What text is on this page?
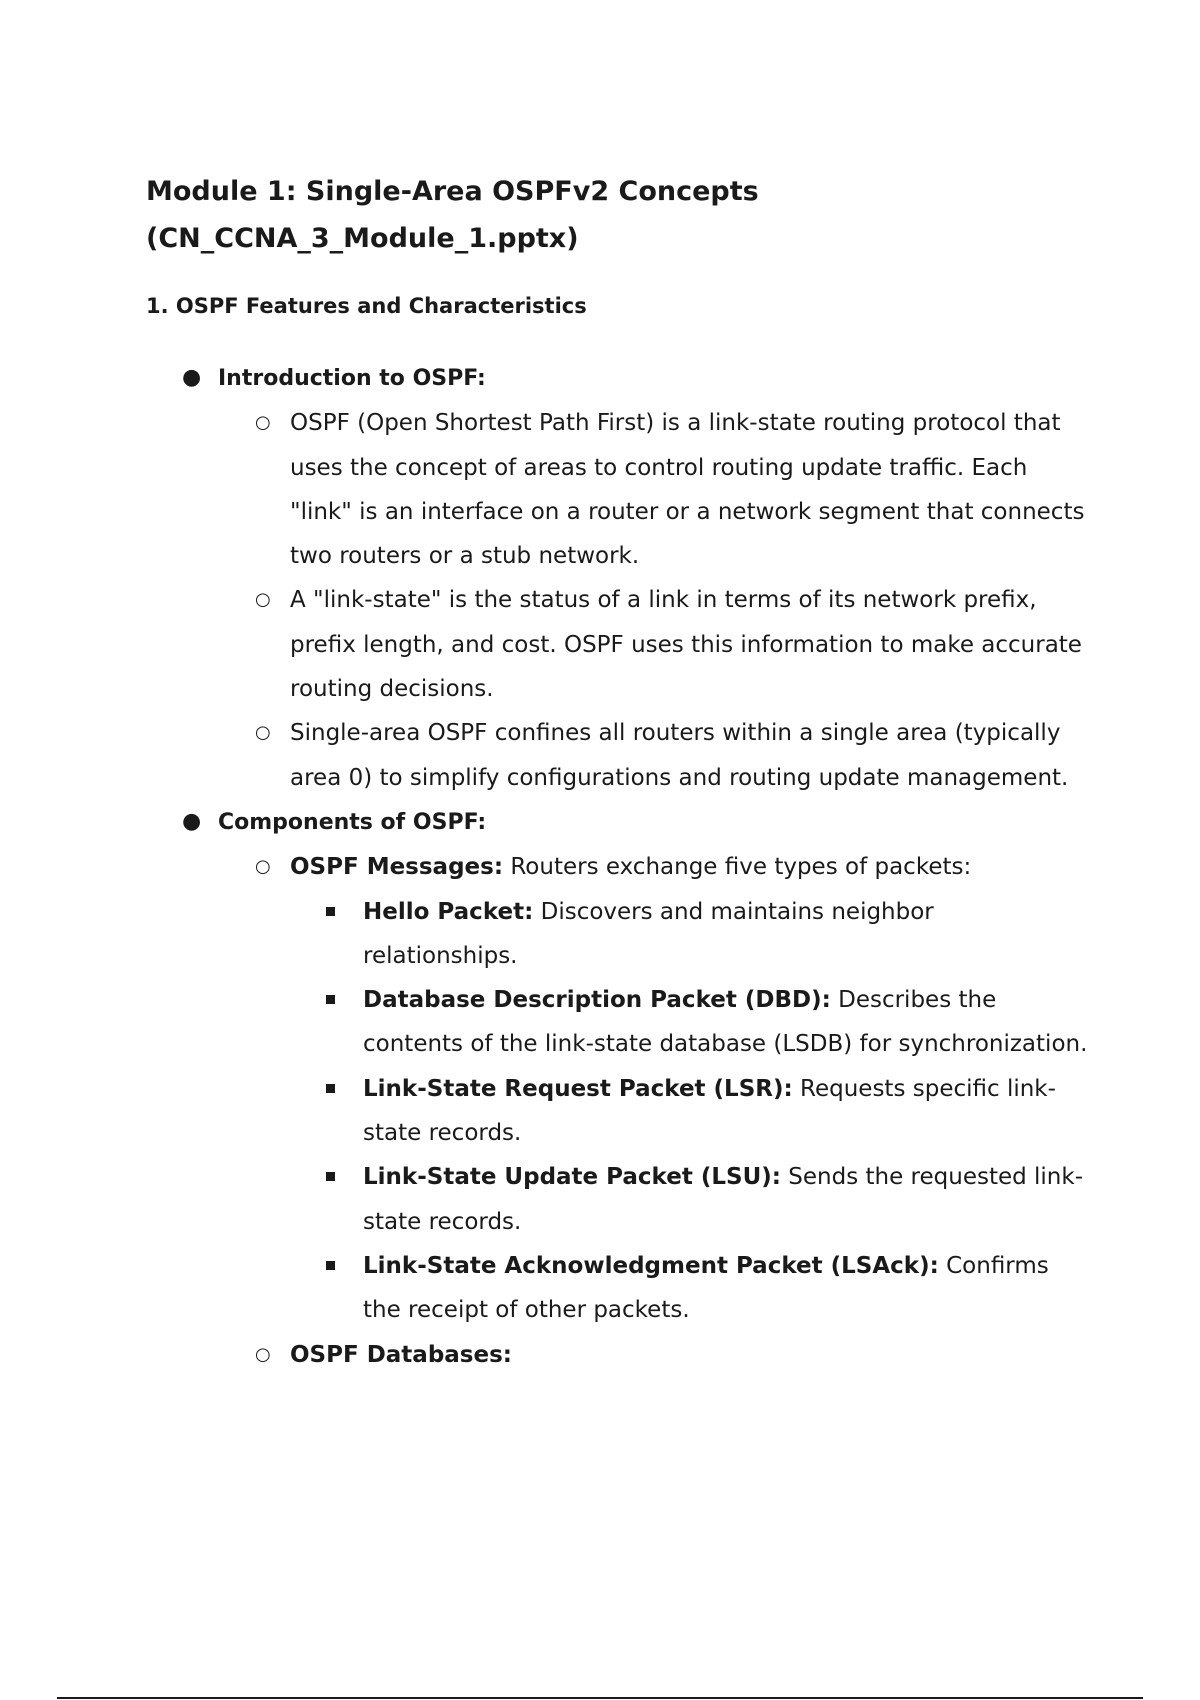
Module 1: Single-Area OSPFv2 Concepts (CN_CCNA_3_Module_1.pptx)
1. OSPF Features and Characteristics
● Introduction to OSPF:
○ OSPF (Open Shortest Path First) is a link-state routing protocol that uses the concept of areas to control routing update traffic. Each "link" is an interface on a router or a network segment that connects two routers or a stub network.
○ A "link-state" is the status of a link in terms of its network prefix, prefix length, and cost. OSPF uses this information to make accurate routing decisions.
○ Single-area OSPF confines all routers within a single area (typically area 0) to simplify configurations and routing update management.
● Components of OSPF:
○ OSPF Messages: Routers exchange five types of packets:
Hello Packet: Discovers and maintains neighbor relationships.
Database Description Packet (DBD): Describes the contents of the link-state database (LSDB) for synchronization.
Link-State Request Packet (LSR): Requests specific link-state records.
Link-State Update Packet (LSU): Sends the requested link-state records.
Link-State Acknowledgment Packet (LSAck): Confirms the receipt of other packets.
○ OSPF Databases:
